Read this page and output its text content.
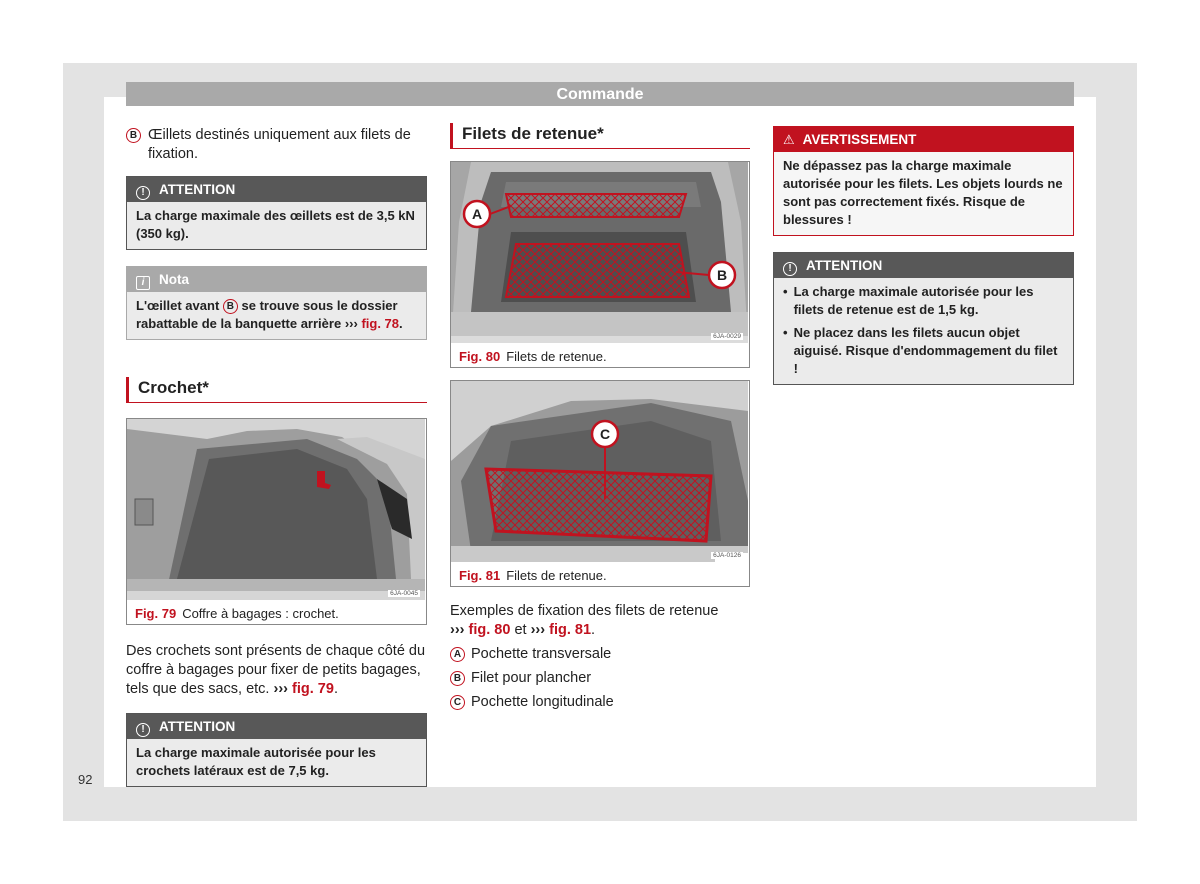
Commande
B Œillets destinés uniquement aux filets de fixation.
! ATTENTION
La charge maximale des œillets est de 3,5 kN (350 kg).
i Nota
L'œillet avant B se trouve sous le dossier rabattable de la banquette arrière ››› fig. 78.
Crochet*
6JA-0045
Fig. 79 Coffre à bagages : crochet.
Des crochets sont présents de chaque côté du coffre à bagages pour fixer de petits bagages, tels que des sacs, etc. ››› fig. 79.
! ATTENTION
La charge maximale autorisée pour les crochets latéraux est de 7,5 kg.
Filets de retenue*
A
B
6JA-0029
Fig. 80 Filets de retenue.
C
6JA-0126
Fig. 81 Filets de retenue.
Exemples de fixation des filets de retenue
››› fig. 80 et ››› fig. 81.
A Pochette transversale
B Filet pour plancher
C Pochette longitudinale
⚠ AVERTISSEMENT
Ne dépassez pas la charge maximale autorisée pour les filets. Les objets lourds ne sont pas correctement fixés. Risque de blessures !
! ATTENTION
• La charge maximale autorisée pour les filets de retenue est de 1,5 kg.
• Ne placez dans les filets aucun objet aiguisé. Risque d'endommagement du filet !
92
